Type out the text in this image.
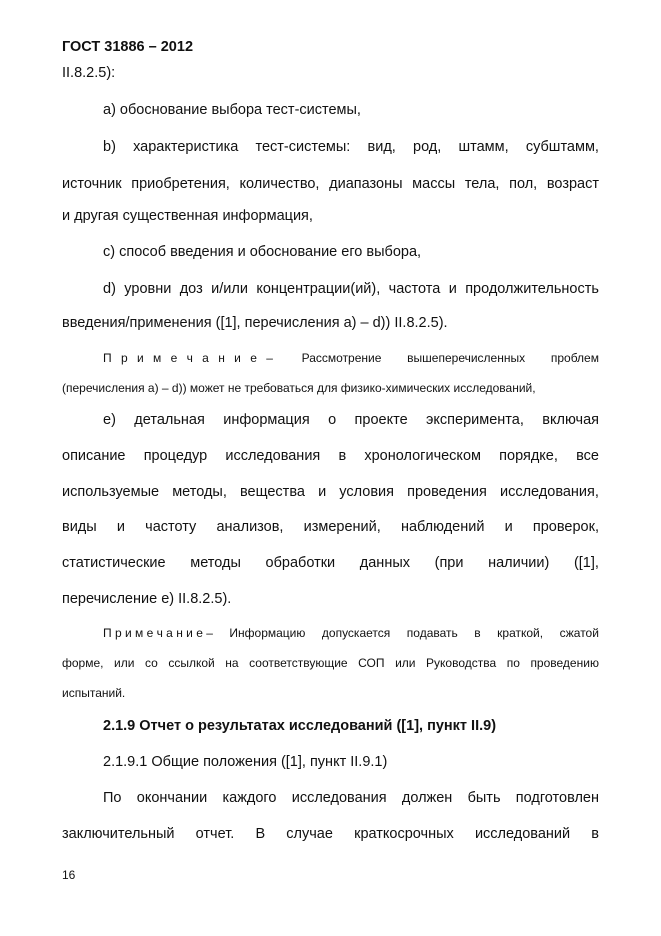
ГОСТ 31886 – 2012
II.8.2.5):
а) обоснование выбора тест-системы,
b) характеристика тест-системы: вид, род, штамм, субштамм,
источник приобретения, количество, диапазоны массы тела, пол, возраст
и другая существенная информация,
c) способ введения и обоснование его выбора,
d) уровни доз и/или концентрации(ий), частота и продолжительность
введения/применения ([1], перечисления а) – d)) II.8.2.5).
П р и м е ч а н и е – Рассмотрение вышеперечисленных проблем
(перечисления a) – d)) может не требоваться для физико-химических исследований,
e) детальная информация о проекте эксперимента, включая
описание процедур исследования в хронологическом порядке, все
используемые методы, вещества и условия проведения исследования,
виды и частоту анализов, измерений, наблюдений и проверок,
статистические методы обработки данных (при наличии) ([1],
перечисление e) II.8.2.5).
П р и м е ч а н и е – Информацию допускается подавать в краткой, сжатой
форме, или со ссылкой на соответствующие СОП или Руководства по проведению
испытаний.
2.1.9 Отчет о результатах исследований ([1], пункт II.9)
2.1.9.1 Общие положения ([1], пункт II.9.1)
По окончании каждого исследования должен быть подготовлен
заключительный отчет. В случае краткосрочных исследований в
16
